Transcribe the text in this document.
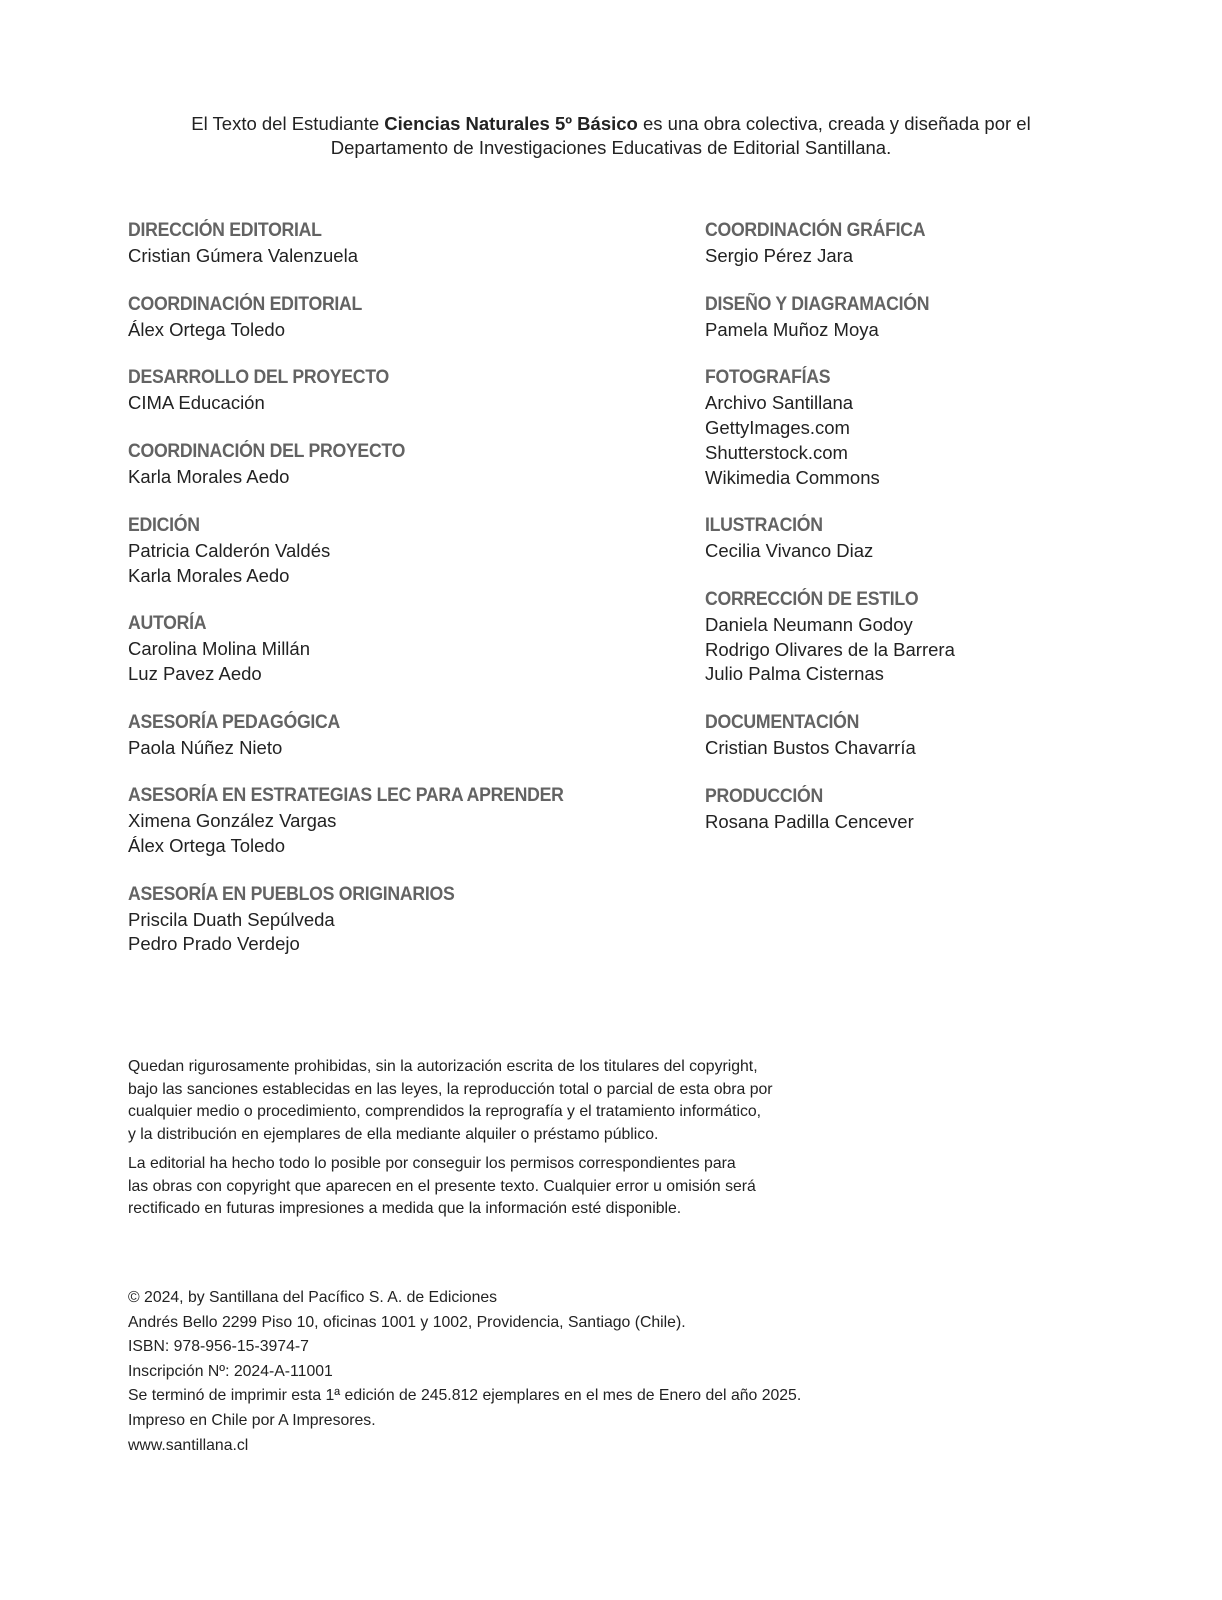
El Texto del Estudiante Ciencias Naturales 5º Básico es una obra colectiva, creada y diseñada por el
Departamento de Investigaciones Educativas de Editorial Santillana.
DIRECCIÓN EDITORIAL
Cristian Gúmera Valenzuela
COORDINACIÓN EDITORIAL
Álex Ortega Toledo
DESARROLLO DEL PROYECTO
CIMA Educación
COORDINACIÓN DEL PROYECTO
Karla Morales Aedo
EDICIÓN
Patricia Calderón Valdés
Karla Morales Aedo
AUTORÍA
Carolina Molina Millán
Luz Pavez Aedo
ASESORÍA PEDAGÓGICA
Paola Núñez Nieto
ASESORÍA EN ESTRATEGIAS LEC PARA APRENDER
Ximena González Vargas
Álex Ortega Toledo
ASESORÍA EN PUEBLOS ORIGINARIOS
Priscila Duath Sepúlveda
Pedro Prado Verdejo
COORDINACIÓN GRÁFICA
Sergio Pérez Jara
DISEÑO Y DIAGRAMACIÓN
Pamela Muñoz Moya
FOTOGRAFÍAS
Archivo Santillana
GettyImages.com
Shutterstock.com
Wikimedia Commons
ILUSTRACIÓN
Cecilia Vivanco Diaz
CORRECCIÓN DE ESTILO
Daniela Neumann Godoy
Rodrigo Olivares de la Barrera
Julio Palma Cisternas
DOCUMENTACIÓN
Cristian Bustos Chavarría
PRODUCCIÓN
Rosana Padilla Cencever

Quedan rigurosamente prohibidas, sin la autorización escrita de los titulares del copyright,
bajo las sanciones establecidas en las leyes, la reproducción total o parcial de esta obra por
cualquier medio o procedimiento, comprendidos la reprografía y el tratamiento informático,
y la distribución en ejemplares de ella mediante alquiler o préstamo público.

La editorial ha hecho todo lo posible por conseguir los permisos correspondientes para
las obras con copyright que aparecen en el presente texto. Cualquier error u omisión será
rectificado en futuras impresiones a medida que la información esté disponible.

© 2024, by Santillana del Pacífico S. A. de Ediciones
Andrés Bello 2299 Piso 10, oficinas 1001 y 1002, Providencia, Santiago (Chile).
ISBN: 978-956-15-3974-7
Inscripción Nº: 2024-A-11001
Se terminó de imprimir esta 1ª edición de 245.812 ejemplares en el mes de Enero del año 2025.
Impreso en Chile por A Impresores.
www.santillana.cl
